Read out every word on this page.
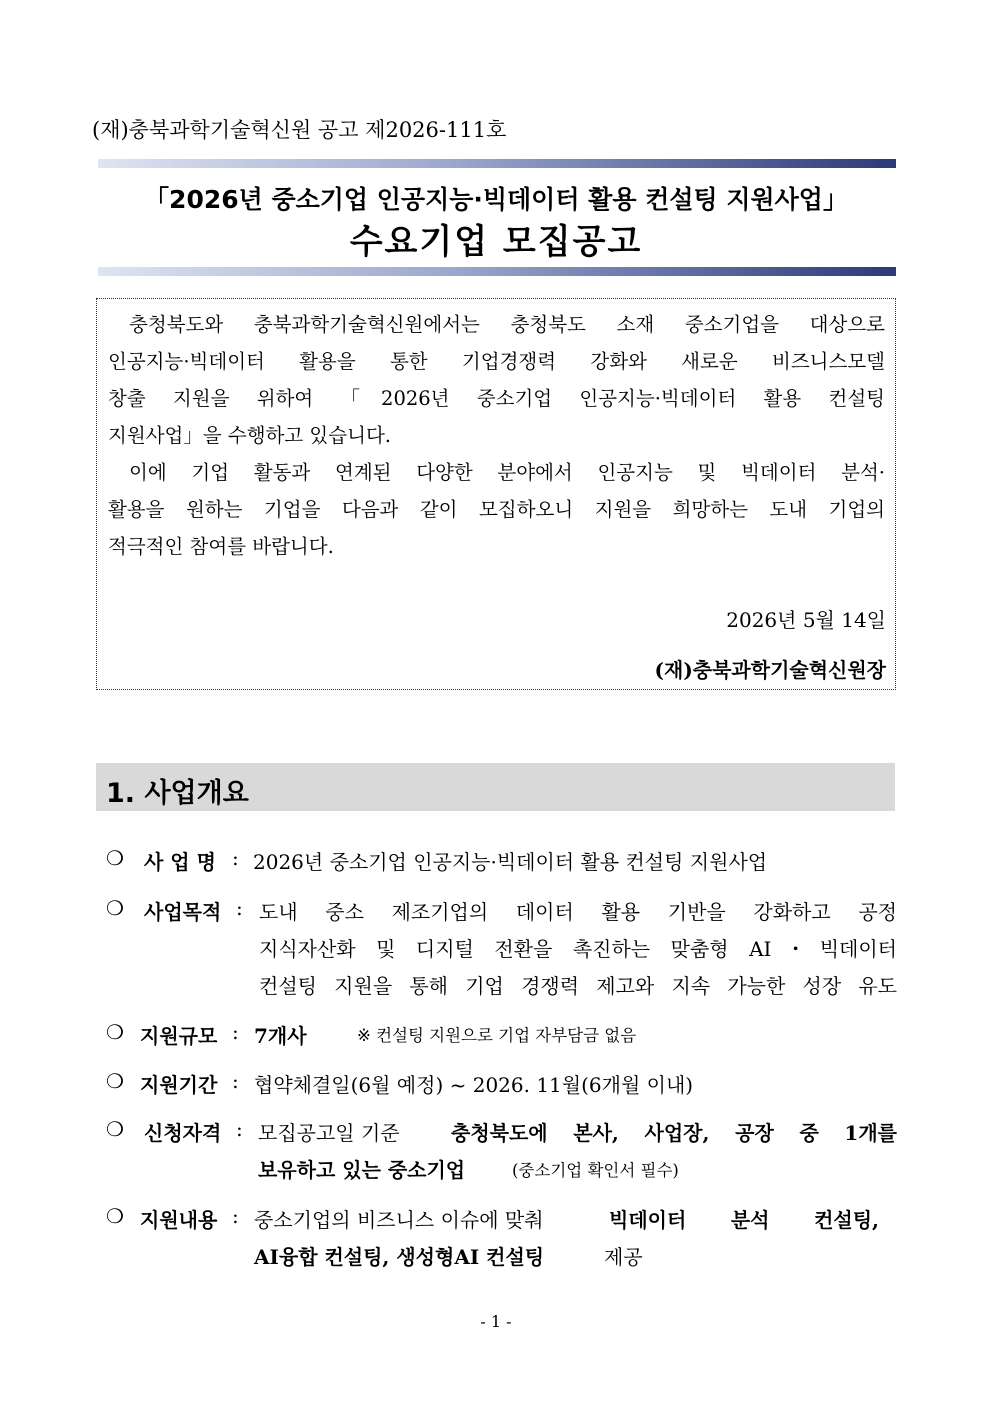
(재)충북과학기술혁신원 공고 제2026-111호
「2026년 중소기업 인공지능·빅데이터 활용 컨설팅 지원사업」
수요기업 모집공고
충청북도와 충북과학기술혁신원에서는 충청북도 소재 중소기업을 대상으로
인공지능·빅데이터 활용을 통한 기업경쟁력 강화와 새로운 비즈니스모델
창출 지원을 위하여 「2026년 중소기업 인공지능·빅데이터 활용 컨설팅
지원사업」을 수행하고 있습니다.
이에 기업 활동과 연계된 다양한 분야에서 인공지능 및 빅데이터 분석·
활용을 원하는 기업을 다음과 같이 모집하오니 지원을 희망하는 도내 기업의
적극적인 참여를 바랍니다.
2026년 5월 14일
(재)충북과학기술혁신원장
1. 사업개요
❍ 사 업 명 : 2026년 중소기업 인공지능·빅데이터 활용 컨설팅 지원사업
❍ 사업목적 : 도내 중소 제조기업의 데이터 활용 기반을 강화하고 공정
지식자산화 및 디지털 전환을 촉진하는 맞춤형 AI・빅데이터
컨설팅 지원을 통해 기업 경쟁력 제고와 지속 가능한 성장 유도
❍ 지원규모 : 7개사	※ 컨설팅 지원으로 기업 자부담금 없음
❍ 지원기간 : 협약체결일(6월 예정) ~ 2026. 11월(6개월 이내)
❍ 신청자격 : 모집공고일 기준	충청북도에 본사, 사업장, 공장 중 1개를
보유하고 있는 중소기업	(중소기업 확인서 필수)
❍ 지원내용 : 중소기업의 비즈니스 이슈에 맞춰	빅데이터 분석 컨설팅,
AI융합 컨설팅, 생성형AI 컨설팅	제공
- 1 -
